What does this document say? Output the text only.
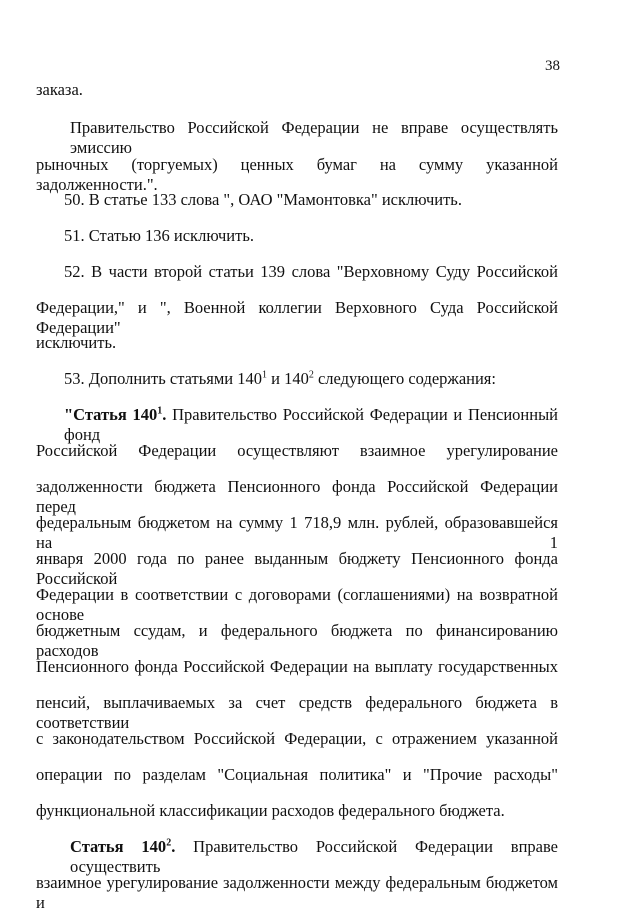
38
заказа.
Правительство Российской Федерации не вправе осуществлять эмиссию
рыночных (торгуемых) ценных бумаг на сумму указанной задолженности.".
50. В статье 133 слова ", ОАО "Мамонтовка" исключить.
51. Статью 136 исключить.
52. В части второй статьи 139 слова "Верховному Суду Российской
Федерации," и ", Военной коллегии Верховного Суда Российской Федерации"
исключить.
53. Дополнить статьями $140^1$ и $140^2$ следующего содержания:
"Статья $140^1$. Правительство Российской Федерации и Пенсионный фонд
Российской Федерации осуществляют взаимное урегулирование
задолженности бюджета Пенсионного фонда Российской Федерации перед
федеральным бюджетом на сумму 1 718,9 млн. рублей, образовавшейся на 1
января 2000 года по ранее выданным бюджету Пенсионного фонда Российской
Федерации в соответствии с договорами (соглашениями) на возвратной основе
бюджетным ссудам, и федерального бюджета по финансированию расходов
Пенсионного фонда Российской Федерации на выплату государственных
пенсий, выплачиваемых за счет средств федерального бюджета в соответствии
с законодательством Российской Федерации, с отражением указанной
операции по разделам "Социальная политика" и "Прочие расходы"
функциональной классификации расходов федерального бюджета.
Статья $140^2$. Правительство Российской Федерации вправе осуществить
взаимное урегулирование задолженности между федеральным бюджетом и
